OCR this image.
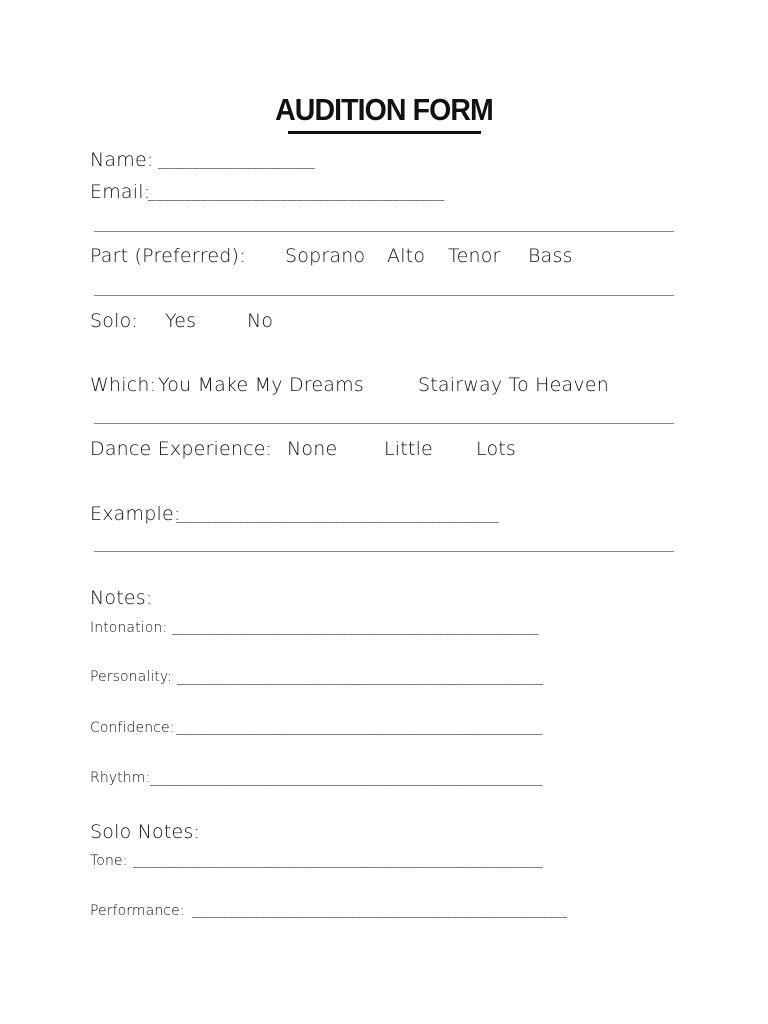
AUDITION FORM
Name: __________________
Email:
__________________________________
Part (Preferred): Soprano Alto Tenor Bass
Solo: Yes	No
Which: You Make My Dreams	Stairway To Heaven
Dance Experience: None Little Lots
Example:
_____________________________________
Notes:
Intonation: __________________________________________
Personality: __________________________________________
Confidence: __________________________________________
Rhythm: _____________________________________________
Solo Notes:
Tone: _______________________________________________
Performance: ___________________________________________
